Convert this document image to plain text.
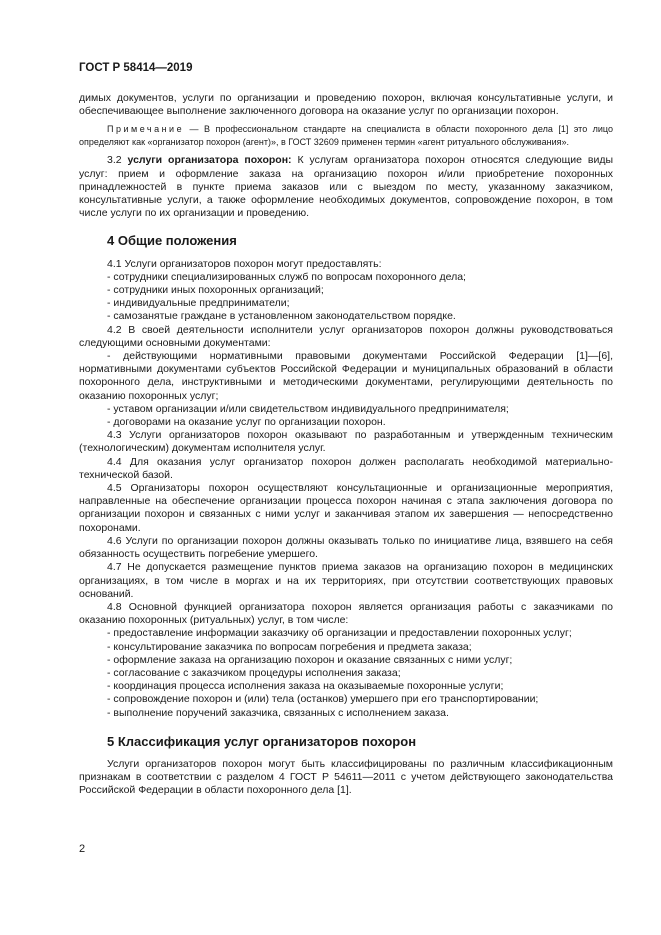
ГОСТ Р 58414—2019

димых документов, услуги по организации и проведению похорон, включая консультативные услуги, и обеспечивающее выполнение заключенного договора на оказание услуг по организации похорон.

Примечание — В профессиональном стандарте на специалиста в области похоронного дела [1] это лицо определяют как «организатор похорон (агент)», в ГОСТ 32609 применен термин «агент ритуального обслуживания».

3.2 услуги организатора похорон: К услугам организатора похорон относятся следующие виды услуг: прием и оформление заказа на организацию похорон и/или приобретение похоронных принадлежностей в пункте приема заказов или с выездом по месту, указанному заказчиком, консультативные услуги, а также оформление необходимых документов, сопровождение похорон, в том числе услуги по их организации и проведению.

4 Общие положения

4.1 Услуги организаторов похорон могут предоставлять:

- сотрудники специализированных служб по вопросам похоронного дела;

- сотрудники иных похоронных организаций;

- индивидуальные предприниматели;

- самозанятые граждане в установленном законодательством порядке.

4.2 В своей деятельности исполнители услуг организаторов похорон должны руководствоваться следующими основными документами:

- действующими нормативными правовыми документами Российской Федерации [1]—[6], нормативными документами субъектов Российской Федерации и муниципальных образований в области похоронного дела, инструктивными и методическими документами, регулирующими деятельность по оказанию похоронных услуг;

- уставом организации и/или свидетельством индивидуального предпринимателя;

- договорами на оказание услуг по организации похорон.

4.3 Услуги организаторов похорон оказывают по разработанным и утвержденным техническим (технологическим) документам исполнителя услуг.

4.4 Для оказания услуг организатор похорон должен располагать необходимой материально-технической базой.

4.5 Организаторы похорон осуществляют консультационные и организационные мероприятия, направленные на обеспечение организации процесса похорон начиная с этапа заключения договора по организации похорон и связанных с ними услуг и заканчивая этапом их завершения — непосредственно похоронами.

4.6 Услуги по организации похорон должны оказывать только по инициативе лица, взявшего на себя обязанность осуществить погребение умершего.

4.7 Не допускается размещение пунктов приема заказов на организацию похорон в медицинских организациях, в том числе в моргах и на их территориях, при отсутствии соответствующих правовых оснований.

4.8 Основной функцией организатора похорон является организация работы с заказчиками по оказанию похоронных (ритуальных) услуг, в том числе:

- предоставление информации заказчику об организации и предоставлении похоронных услуг;

- консультирование заказчика по вопросам погребения и предмета заказа;

- оформление заказа на организацию похорон и оказание связанных с ними услуг;

- согласование с заказчиком процедуры исполнения заказа;

- координация процесса исполнения заказа на оказываемые похоронные услуги;

- сопровождение похорон и (или) тела (останков) умершего при его транспортировании;

- выполнение поручений заказчика, связанных с исполнением заказа.

5 Классификация услуг организаторов похорон

Услуги организаторов похорон могут быть классифицированы по различным классификационным признакам в соответствии с разделом 4 ГОСТ Р 54611—2011 с учетом действующего законодательства Российской Федерации в области похоронного дела [1].

2
